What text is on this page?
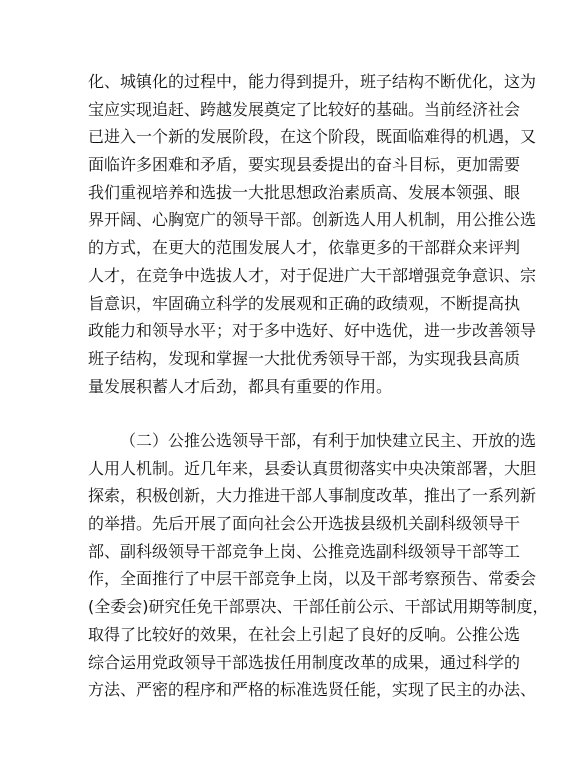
化、城镇化的过程中，能力得到提升，班子结构不断优化，这为
宝应实现追赶、跨越发展奠定了比较好的基础。当前经济社会
已进入一个新的发展阶段，在这个阶段，既面临难得的机遇，又
面临许多困难和矛盾，要实现县委提出的奋斗目标，更加需要
我们重视培养和选拔一大批思想政治素质高、发展本领强、眼
界开阔、心胸宽广的领导干部。创新选人用人机制，用公推公选
的方式，在更大的范围发展人才，依靠更多的干部群众来评判
人才，在竞争中选拔人才，对于促进广大干部增强竞争意识、宗
旨意识，牢固确立科学的发展观和正确的政绩观，不断提高执
政能力和领导水平；对于多中选好、好中选优，进一步改善领导
班子结构，发现和掌握一大批优秀领导干部，为实现我县高质
量发展积蓄人才后劲，都具有重要的作用。
（二）公推公选领导干部，有利于加快建立民主、开放的选
人用人机制。近几年来，县委认真贯彻落实中央决策部署，大胆
探索，积极创新，大力推进干部人事制度改革，推出了一系列新
的举措。先后开展了面向社会公开选拔县级机关副科级领导干
部、副科级领导干部竞争上岗、公推竞选副科级领导干部等工
作，全面推行了中层干部竞争上岗，以及干部考察预告、常委会
(全委会)研究任免干部票决、干部任前公示、干部试用期等制度，
取得了比较好的效果，在社会上引起了良好的反响。公推公选
综合运用党政领导干部选拔任用制度改革的成果，通过科学的
方法、严密的程序和严格的标准选贤任能，实现了民主的办法、
